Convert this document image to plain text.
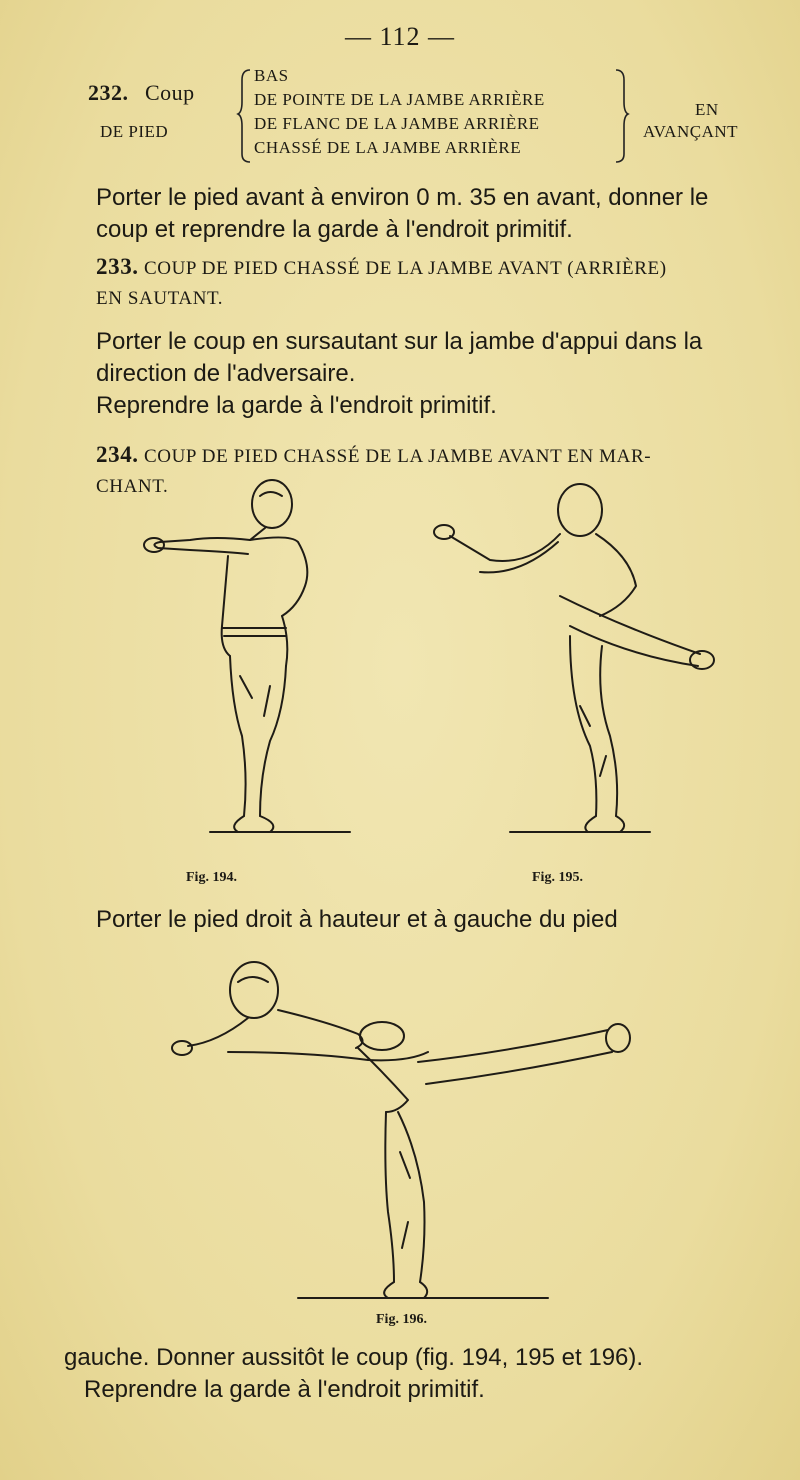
— 112 —
232. Coup
DE PIED
BAS
DE POINTE DE LA JAMBE ARRIÈRE
DE FLANC DE LA JAMBE ARRIÈRE
CHASSÉ DE LA JAMBE ARRIÈRE
EN
AVANÇANT
Porter le pied avant à environ 0 m. 35 en avant, donner le coup et reprendre la garde à l'endroit primitif.
233. COUP DE PIED CHASSÉ DE LA JAMBE AVANT (ARRIÈRE)
EN SAUTANT.
Porter le coup en sursautant sur la jambe d'appui dans la direction de l'adversaire.
Reprendre la garde à l'endroit primitif.
234. COUP DE PIED CHASSÉ DE LA JAMBE AVANT EN MAR-
CHANT.
Fig. 194.	Fig. 195.
Porter le pied droit à hauteur et à gauche du pied
Fig. 196.
gauche. Donner aussitôt le coup (fig. 194, 195 et 196).
Reprendre la garde à l'endroit primitif.
